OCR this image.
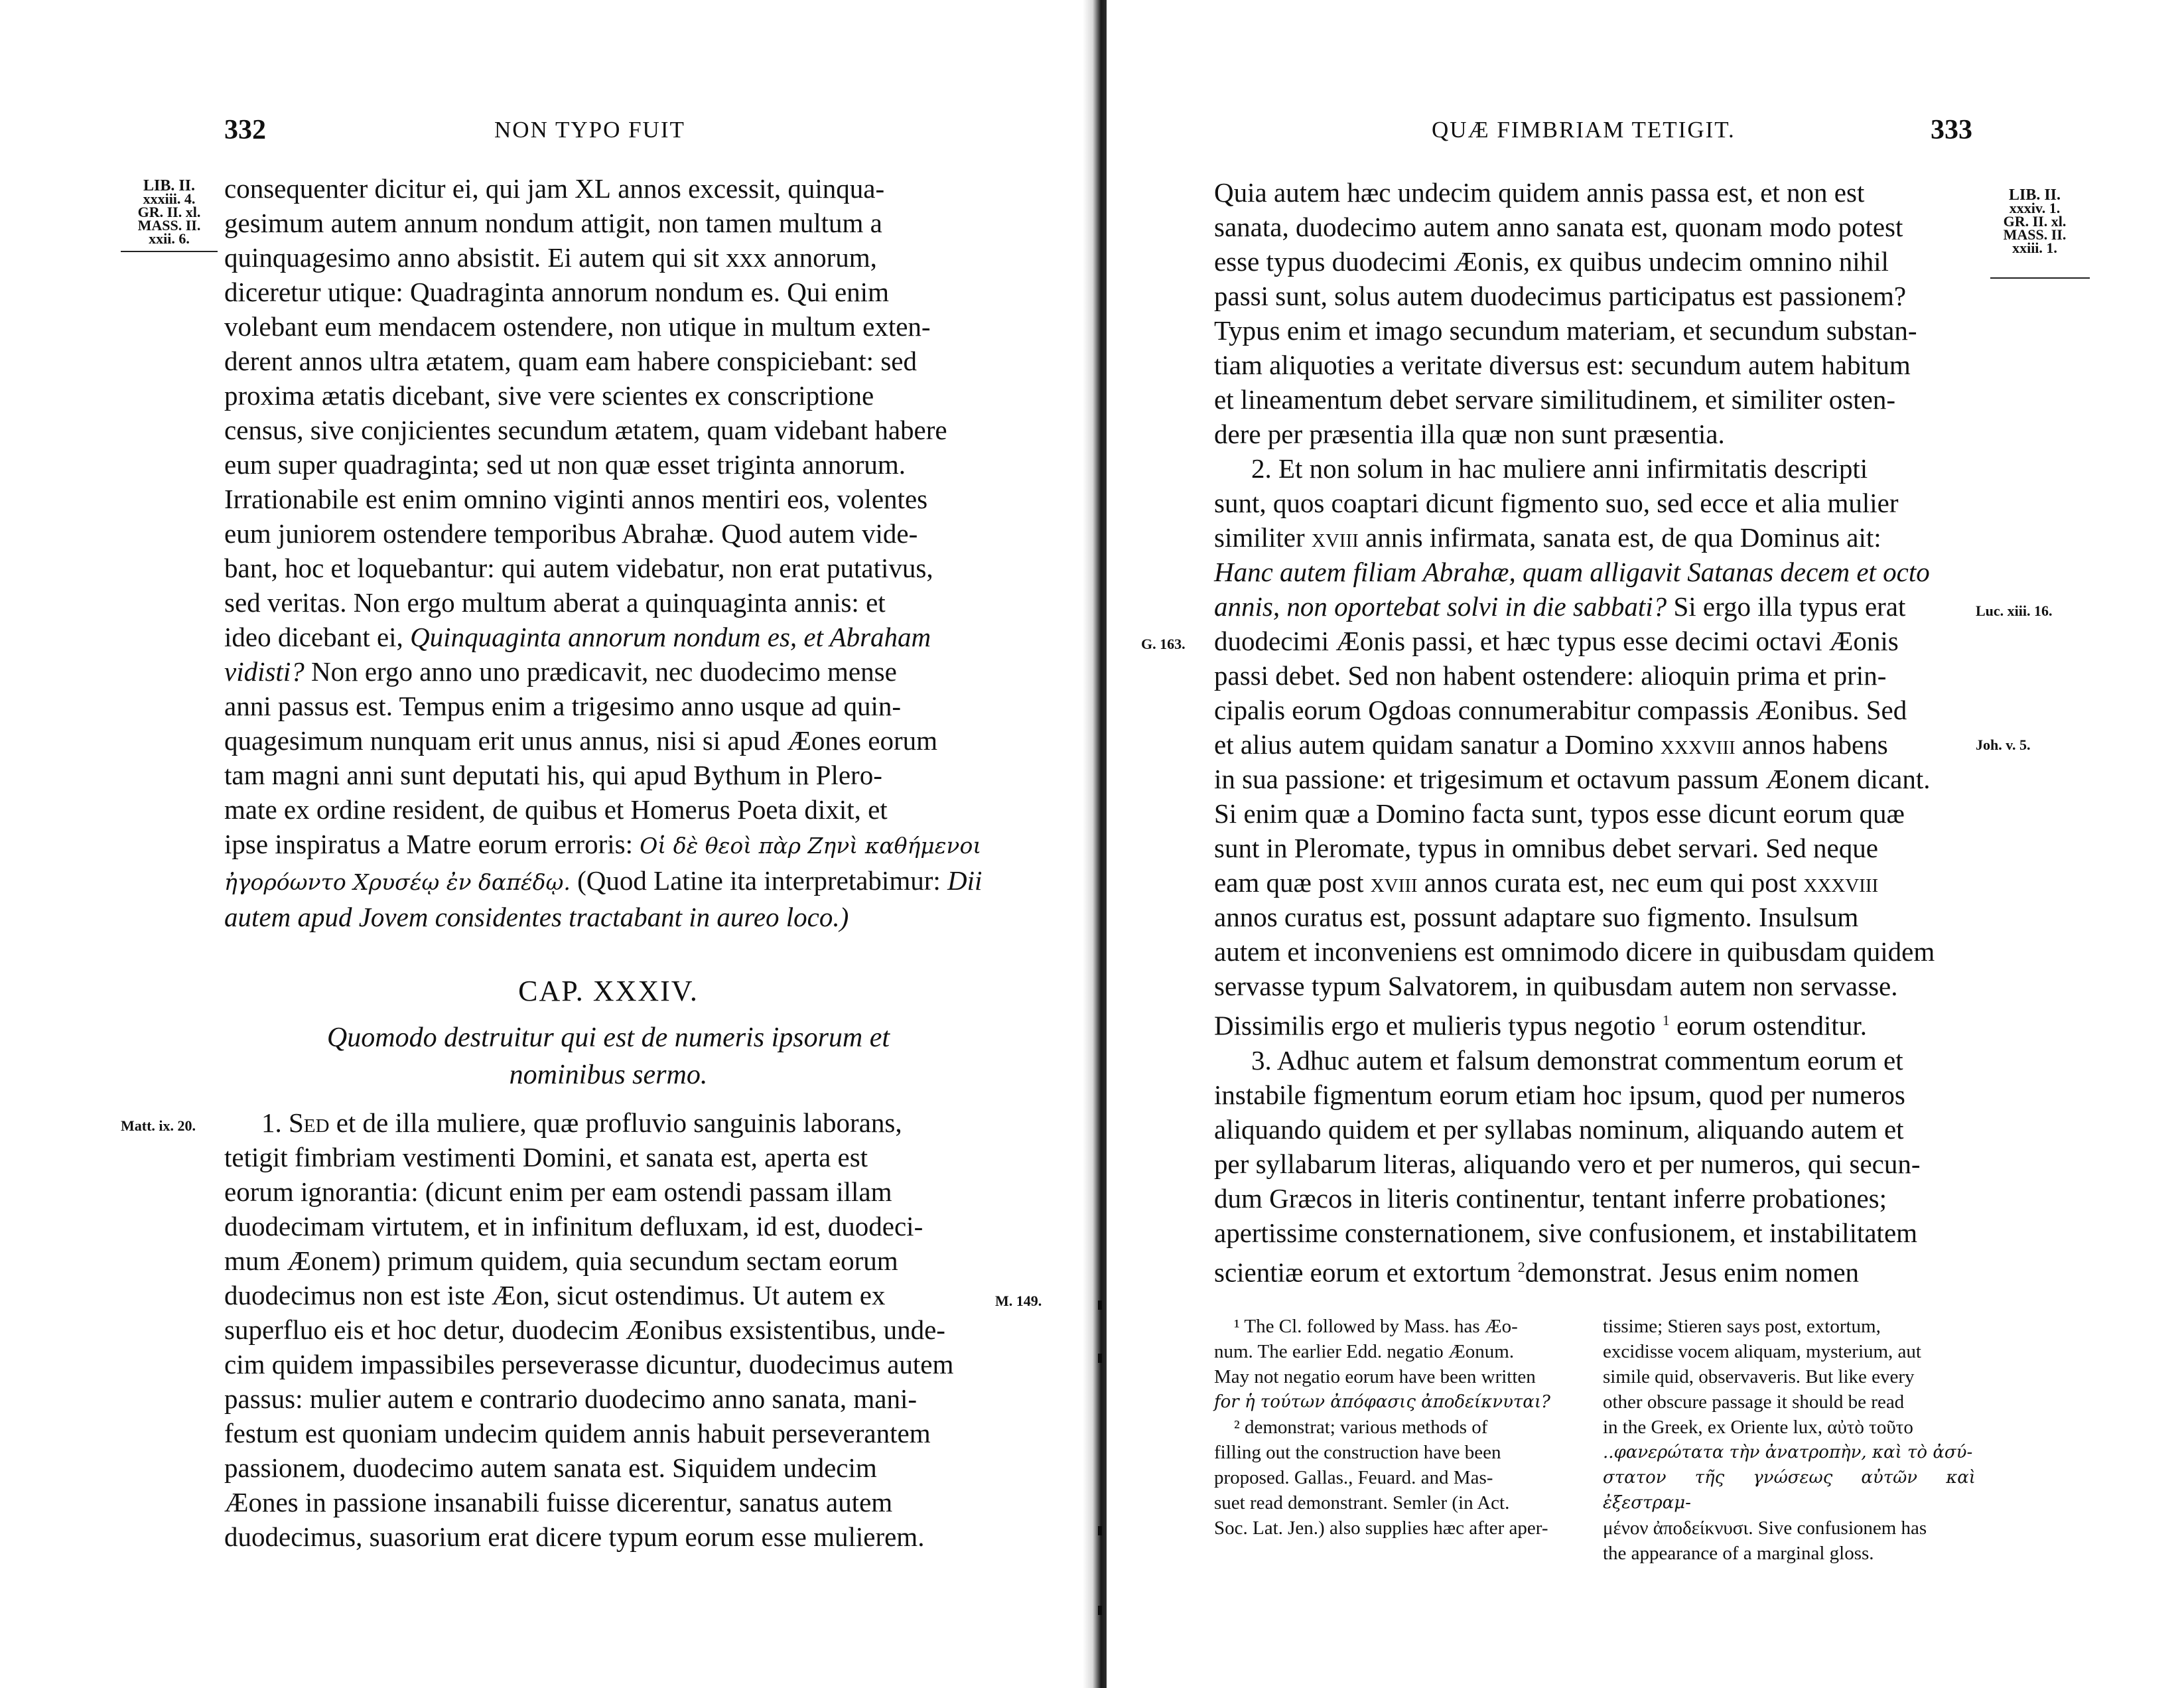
332	NON TYPO FUIT
LIB. II.
xxxiii. 4.
GR. II. xl.
MASS. II.
xxii. 6.

consequenter dicitur ei, qui jam XL annos excessit, quinqua-

gesimum autem annum nondum attigit, non tamen multum a

quinquagesimo anno absistit. Ei autem qui sit xxx annorum,

diceretur utique: Quadraginta annorum nondum es. Qui enim

volebant eum mendacem ostendere, non utique in multum exten-

derent annos ultra ætatem, quam eam habere conspiciebant: sed

proxima ætatis dicebant, sive vere scientes ex conscriptione

census, sive conjicientes secundum ætatem, quam videbant habere

eum super quadraginta; sed ut non quæ esset triginta annorum.

Irrationabile est enim omnino viginti annos mentiri eos, volentes

eum juniorem ostendere temporibus Abrahæ. Quod autem vide-

bant, hoc et loquebantur: qui autem videbatur, non erat putativus,

sed veritas. Non ergo multum aberat a quinquaginta annis: et

ideo dicebant ei, Quinquaginta annorum nondum es, et Abraham

vidisti? Non ergo anno uno prædicavit, nec duodecimo mense

anni passus est. Tempus enim a trigesimo anno usque ad quin-

quagesimum nunquam erit unus annus, nisi si apud Æones eorum

tam magni anni sunt deputati his, qui apud Bythum in Plero-

mate ex ordine resident, de quibus et Homerus Poeta dixit, et

ipse inspiratus a Matre eorum erroris: Οἱ δὲ θεοὶ πὰρ Ζηνὶ καθήμενοι

ἠγορόωντο Χρυσέῳ ἐν δαπέδῳ. (Quod Latine ita interpretabimur: Dii

autem apud Jovem considentes tractabant in aureo loco.)

CAP. XXXIV.
Quomodo destruitur qui est de numeris ipsorum et
nominibus sermo.
Matt. ix. 20.
M. 149.

1. Sed et de illa muliere, quæ profluvio sanguinis laborans,

tetigit fimbriam vestimenti Domini, et sanata est, aperta est

eorum ignorantia: (dicunt enim per eam ostendi passam illam

duodecimam virtutem, et in infinitum defluxam, id est, duodeci-

mum Æonem) primum quidem, quia secundum sectam eorum

duodecimus non est iste Æon, sicut ostendimus. Ut autem ex

superfluo eis et hoc detur, duodecim Æonibus exsistentibus, unde-

cim quidem impassibiles perseverasse dicuntur, duodecimus autem

passus: mulier autem e contrario duodecimo anno sanata, mani-

festum est quoniam undecim quidem annis habuit perseverantem

passionem, duodecimo autem sanata est. Siquidem undecim

Æones in passione insanabili fuisse dicerentur, sanatus autem

duodecimus, suasorium erat dicere typum eorum esse mulierem.

QUÆ FIMBRIAM TETIGIT.	333
LIB. II.
xxxiv. 1.
GR. II. xl.
MASS. II.
xxiii. 1.
Luc. xiii. 16.
G. 163.
Joh. v. 5.

Quia autem hæc undecim quidem annis passa est, et non est

sanata, duodecimo autem anno sanata est, quonam modo potest

esse typus duodecimi Æonis, ex quibus undecim omnino nihil

passi sunt, solus autem duodecimus participatus est passionem?

Typus enim et imago secundum materiam, et secundum substan-

tiam aliquoties a veritate diversus est: secundum autem habitum

et lineamentum debet servare similitudinem, et similiter osten-

dere per præsentia illa quæ non sunt præsentia.

2. Et non solum in hac muliere anni infirmitatis descripti

sunt, quos coaptari dicunt figmento suo, sed ecce et alia mulier

similiter xviii annis infirmata, sanata est, de qua Dominus ait:

Hanc autem filiam Abrahæ, quam alligavit Satanas decem et octo

annis, non oportebat solvi in die sabbati? Si ergo illa typus erat

duodecimi Æonis passi, et hæc typus esse decimi octavi Æonis

passi debet. Sed non habent ostendere: alioquin prima et prin-

cipalis eorum Ogdoas connumerabitur compassis Æonibus. Sed

et alius autem quidam sanatur a Domino xxxviii annos habens

in sua passione: et trigesimum et octavum passum Æonem dicant.

Si enim quæ a Domino facta sunt, typos esse dicunt eorum quæ

sunt in Pleromate, typus in omnibus debet servari. Sed neque

eam quæ post xviii annos curata est, nec eum qui post xxxviii

annos curatus est, possunt adaptare suo figmento. Insulsum

autem et inconveniens est omnimodo dicere in quibusdam quidem

servasse typum Salvatorem, in quibusdam autem non servasse.

Dissimilis ergo et mulieris typus negotio $^1$ eorum ostenditur.

3. Adhuc autem et falsum demonstrat commentum eorum et

instabile figmentum eorum etiam hoc ipsum, quod per numeros

aliquando quidem et per syllabas nominum, aliquando autem et

per syllabarum literas, aliquando vero et per numeros, qui secun-

dum Græcos in literis continentur, tentant inferre probationes;

apertissime consternationem, sive confusionem, et instabilitatem

scientiæ eorum et extortum $^2$demonstrat. Jesus enim nomen

¹ The Cl. followed by Mass. has Æo-

num. The earlier Edd. negatio Æonum.

May not negatio eorum have been written

for ἡ τούτων ἀπόφασις ἀποδείκνυται?

² demonstrat; various methods of

filling out the construction have been

proposed. Gallas., Feuard. and Mas-

suet read demonstrant. Semler (in Act.

Soc. Lat. Jen.) also supplies hæc after aper-

tissime; Stieren says post, extortum,

excidisse vocem aliquam, mysterium, aut

simile quid, observaveris. But like every

other obscure passage it should be read

in the Greek, ex Oriente lux, αὐτὸ τοῦτο

..φανερώτατα τὴν ἀνατροπὴν, καὶ τὸ ἀσύ-

στατον τῆς γνώσεως αὐτῶν καὶ ἐξεστραμ-

μένον ἀποδείκνυσι. Sive confusionem has

the appearance of a marginal gloss.
